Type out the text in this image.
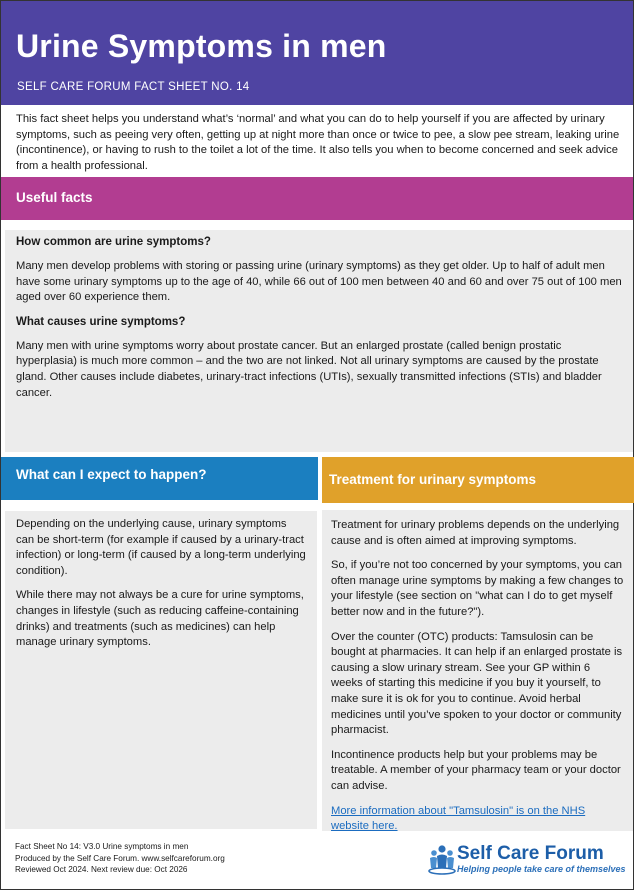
Urine Symptoms in men
SELF CARE FORUM FACT SHEET NO. 14

This fact sheet helps you understand what’s ‘normal’ and what you can do to help yourself if you are affected by urinary symptoms, such as peeing very often, getting up at night more than once or twice to pee, a slow pee stream, leaking urine (incontinence), or having to rush to the toilet a lot of the time. It also tells you when to become concerned and seek advice from a health professional.

Useful facts
How common are urine symptoms?

Many men develop problems with storing or passing urine (urinary symptoms) as they get older. Up to half of adult men have some urinary symptoms up to the age of 40, while 66 out of 100 men between 40 and 60 and over 75 out of 100 men aged over 60 experience them.

What causes urine symptoms?

Many men with urine symptoms worry about prostate cancer. But an enlarged prostate (called benign prostatic hyperplasia) is much more common – and the two are not linked. Not all urinary symptoms are caused by the prostate gland. Other causes include diabetes, urinary-tract infections (UTIs), sexually transmitted infections (STIs) and bladder cancer.

What can I expect to happen?	Treatment for urinary symptoms

Depending on the underlying cause, urinary symptoms can be short-term (for example if caused by a urinary-tract infection) or long-term (if caused by a long-term underlying condition).

While there may not always be a cure for urine symptoms, changes in lifestyle (such as reducing caffeine-containing drinks) and treatments (such as medicines) can help manage urinary symptoms.

Treatment for urinary problems depends on the underlying cause and is often aimed at improving symptoms.

So, if you’re not too concerned by your symptoms, you can often manage urine symptoms by making a few changes to your lifestyle (see section on "what can I do to get myself better now and in the future?").

Over the counter (OTC) products: Tamsulosin can be bought at pharmacies. It can help if an enlarged prostate is causing a slow urinary stream. See your GP within 6 weeks of starting this medicine if you buy it yourself, to make sure it is ok for you to continue. Avoid herbal medicines until you’ve spoken to your doctor or community pharmacist.

Incontinence products help but your problems may be treatable. A member of your pharmacy team or your doctor can advise.

More information about "Tamsulosin" is on the NHS website here.

Fact Sheet No 14: V3.0 Urine symptoms in men
Produced by the Self Care Forum. www.selfcareforum.org
Reviewed Oct 2024. Next review due: Oct 2026
Self Care Forum
Helping people take care of themselves
